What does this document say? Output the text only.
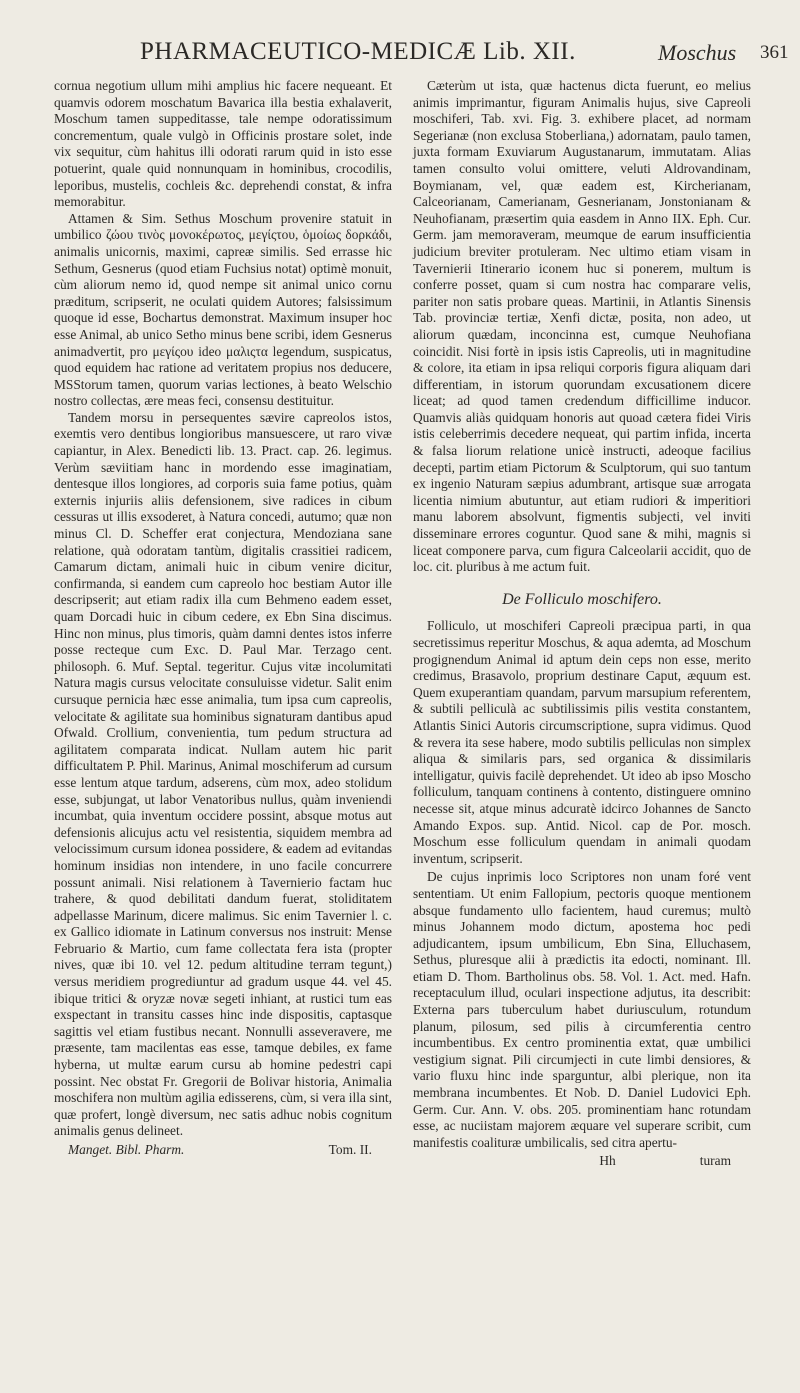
PHARMACEUTICO-MEDICÆ Lib. XII.	Moschus 361

cornua negotium ullum mihi amplius hic facere nequeant. Et quamvis odorem moschatum Bavarica illa bestia exhalaverit, Moschum tamen suppeditasse, tale nempe odoratissimum concrementum, quale vulgò in Officinis prostare solet, inde vix sequitur, cùm hahitus illi odorati rarum quid in isto esse potuerint, quale quid nonnunquam in hominibus, crocodilis, leporibus, mustelis, cochleis &c. deprehendi constat, & infra memorabitur.

Attamen & Sim. Sethus Moschum provenire statuit in umbilico ζώου τινὸς μονοκέρωτος, μεγίςτου, ὁμοίως δορκάδι, animalis unicornis, maximi, capreæ similis. Sed errasse hic Sethum, Gesnerus (quod etiam Fuchsius notat) optimè monuit, cùm aliorum nemo id, quod nempe sit animal unico cornu præditum, scripserit, ne oculati quidem Autores; falsissimum quoque id esse, Bochartus demonstrat. Maximum insuper hoc esse Animal, ab unico Setho minus bene scribi, idem Gesnerus animadvertit, pro μεγίςου ideo μαλιςτα legendum, suspicatus, quod equidem hac ratione ad veritatem propius nos deducere, MSStorum tamen, quorum varias lectiones, à beato Welschio nostro collectas, ære meas feci, consensu destituitur.

Tandem morsu in persequentes sævire capreolos istos, exemtis vero dentibus longioribus mansuescere, ut raro vivæ capiantur, in Alex. Benedicti lib. 13. Pract. cap. 26. legimus. Verùm sæviitiam hanc in mordendo esse imaginatiam, dentesque illos longiores, ad corporis suia fame potius, quàm externis injuriis aliis defensionem, sive radices in cibum cessuras ut illis exsoderet, à Natura concedi, autumo; quæ non minus Cl. D. Scheffer erat conjectura, Mendoziana sane relatione, quà odoratam tantùm, digitalis crassitiei radicem, Camarum dictam, animali huic in cibum venire dicitur, confirmanda, si eandem cum capreolo hoc bestiam Autor ille descripserit; aut etiam radix illa cum Behmeno eadem esset, quam Dorcadi huic in cibum cedere, ex Ebn Sina discimus. Hinc non minus, plus timoris, quàm damni dentes istos inferre posse recteque cum Exc. D. Paul Mar. Terzago cent. philosoph. 6. Muf. Septal. tegeritur. Cujus vitæ incolumitati Natura magis cursus velocitate consuluisse videtur. Salit enim cursuque pernicia hæc esse animalia, tum ipsa cum capreolis, velocitate & agilitate sua hominibus signaturam dantibus apud Ofwald. Crollium, convenientia, tum pedum structura ad agilitatem comparata indicat. Nullam autem hic parit difficultatem P. Phil. Marinus, Animal moschiferum ad cursum esse lentum atque tardum, adserens, cùm mox, adeo stolidum esse, subjungat, ut labor Venatoribus nullus, quàm inveniendi incumbat, quia inventum occidere possint, absque motus aut defensionis alicujus actu vel resistentia, siquidem membra ad velocissimum cursum idonea possidere, & eadem ad evitandas hominum insidias non intendere, in uno facile concurrere possunt animali. Nisi relationem à Tavernierio factam huc trahere, & quod debilitati dandum fuerat, stoliditatem adpellasse Marinum, dicere malimus. Sic enim Tavernier l. c. ex Gallico idiomate in Latinum conversus nos instruit: Mense Februario & Martio, cum fame collectata fera ista (propter nives, quæ ibi 10. vel 12. pedum altitudine terram tegunt,) versus meridiem progrediuntur ad gradum usque 44. vel 45. ibique tritici & oryzæ novæ segeti inhiant, at rustici tum eas exspectant in transitu casses hinc inde dispositis, captasque sagittis vel etiam fustibus necant. Nonnulli asseveravere, me præsente, tam macilentas eas esse, tamque debiles, ex fame hyberna, ut multæ earum cursu ab homine pedestri capi possint. Nec obstat Fr. Gregorii de Bolivar historia, Animalia moschifera non multùm agilia edisserens, cùm, si vera illa sint, quæ profert, longè diversum, nec satis adhuc nobis cognitum animalis genus delineet.

Manget. Bibl. Pharm.	Tom. II.

Cæterùm ut ista, quæ hactenus dicta fuerunt, eo melius animis imprimantur, figuram Animalis hujus, sive Capreoli moschiferi, Tab. xvi. Fig. 3. exhibere placet, ad normam Segerianæ (non exclusa Stoberliana,) adornatam, paulo tamen, juxta formam Exuviarum Augustanarum, immutatam. Alias tamen consulto volui omittere, veluti Aldrovandinam, Boymianam, vel, quæ eadem est, Kircherianam, Calceorianam, Camerianam, Gesnerianam, Jonstonianam & Neuhofianam, præsertim quia easdem in Anno IIX. Eph. Cur. Germ. jam memoraveram, meumque de earum insufficientia judicium breviter protuleram. Nec ultimo etiam visam in Tavernierii Itinerario iconem huc si ponerem, multum is conferre posset, quam si cum nostra hac comparare velis, pariter non satis probare queas. Martinii, in Atlantis Sinensis Tab. provinciæ tertiæ, Xenfi dictæ, posita, non adeo, ut aliorum quædam, inconcinna est, cumque Neuhofiana coincidit. Nisi fortè in ipsis istis Capreolis, uti in magnitudine & colore, ita etiam in ipsa reliqui corporis figura aliquam dari differentiam, in istorum quorundam excusationem dicere liceat; ad quod tamen credendum difficillime inducor. Quamvis aliàs quidquam honoris aut quoad cætera fidei Viris istis celeberrimis decedere nequeat, qui partim infida, incerta & falsa liorum relatione unicè instructi, adeoque facilius decepti, partim etiam Pictorum & Sculptorum, qui suo tantum ex ingenio Naturam sæpius adumbrant, artisque suæ arrogata licentia nimium abutuntur, aut etiam rudiori & imperitiori manu laborem absolvunt, figmentis subjecti, vel inviti disseminare errores coguntur. Quod sane & mihi, magnis si liceat componere parva, cum figura Calceolarii accidit, quo de loc. cit. pluribus à me actum fuit.

De Folliculo moschifero.

Folliculo, ut moschiferi Capreoli præcipua parti, in qua secretissimus reperitur Moschus, & aqua ademta, ad Moschum progignendum Animal id aptum dein ceps non esse, merito credimus, Brasavolo, proprium destinare Caput, æquum est. Quem exuperantiam quandam, parvum marsupium referentem, & subtili pelliculà ac subtilissimis pilis vestita constantem, Atlantis Sinici Autoris circumscriptione, supra vidimus. Quod & revera ita sese habere, modo subtilis pelliculas non simplex aliqua & similaris pars, sed organica & dissimilaris intelligatur, quivis facilè deprehendet. Ut ideo ab ipso Moscho folliculum, tanquam continens à contento, distinguere omnino necesse sit, atque minus adcuratè idcirco Johannes de Sancto Amando Expos. sup. Antid. Nicol. cap de Por. mosch. Moschum esse folliculum quendam in animali quodam inventum, scripserit.

De cujus inprimis loco Scriptores non unam foré vent sententiam. Ut enim Fallopium, pectoris quoque mentionem absque fundamento ullo facientem, haud curemus; multò minus Johannem modo dictum, apostema hoc pedi adjudicantem, ipsum umbilicum, Ebn Sina, Elluchasem, Sethus, pluresque alii à prædictis ita edocti, nominant. Ill. etiam D. Thom. Bartholinus obs. 58. Vol. 1. Act. med. Hafn. receptaculum illud, oculari inspectione adjutus, ita describit: Externa pars tuberculum habet duriusculum, rotundum planum, pilosum, sed pilis à circumferentia centro incumbentibus. Ex centro prominentia extat, quæ umbilici vestigium signat. Pili circumjecti in cute limbi densiores, & vario fluxu hinc inde sparguntur, albi plerique, non ita membrana incumbentes. Et Nob. D. Daniel Ludovici Eph. Germ. Cur. Ann. V. obs. 205. prominentiam hanc rotundam esse, ac nuciistam majorem æquare vel superare scribit, cum manifestis coalituræ umbilicalis, sed citra apertu-

Hh	turam
